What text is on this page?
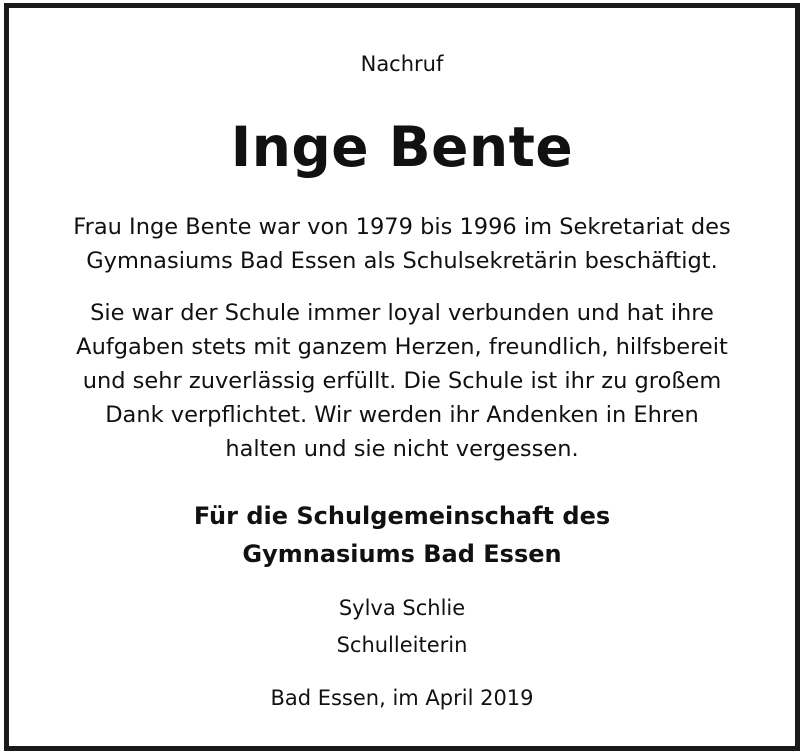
Nachruf
Inge Bente
Frau Inge Bente war von 1979 bis 1996 im Sekretariat des
Gymnasiums Bad Essen als Schulsekretärin beschäftigt.
Sie war der Schule immer loyal verbunden und hat ihre
Aufgaben stets mit ganzem Herzen, freundlich, hilfsbereit
und sehr zuverlässig erfüllt. Die Schule ist ihr zu großem
Dank verpflichtet. Wir werden ihr Andenken in Ehren
halten und sie nicht vergessen.
Für die Schulgemeinschaft des
Gymnasiums Bad Essen
Sylva Schlie
Schulleiterin
Bad Essen, im April 2019
